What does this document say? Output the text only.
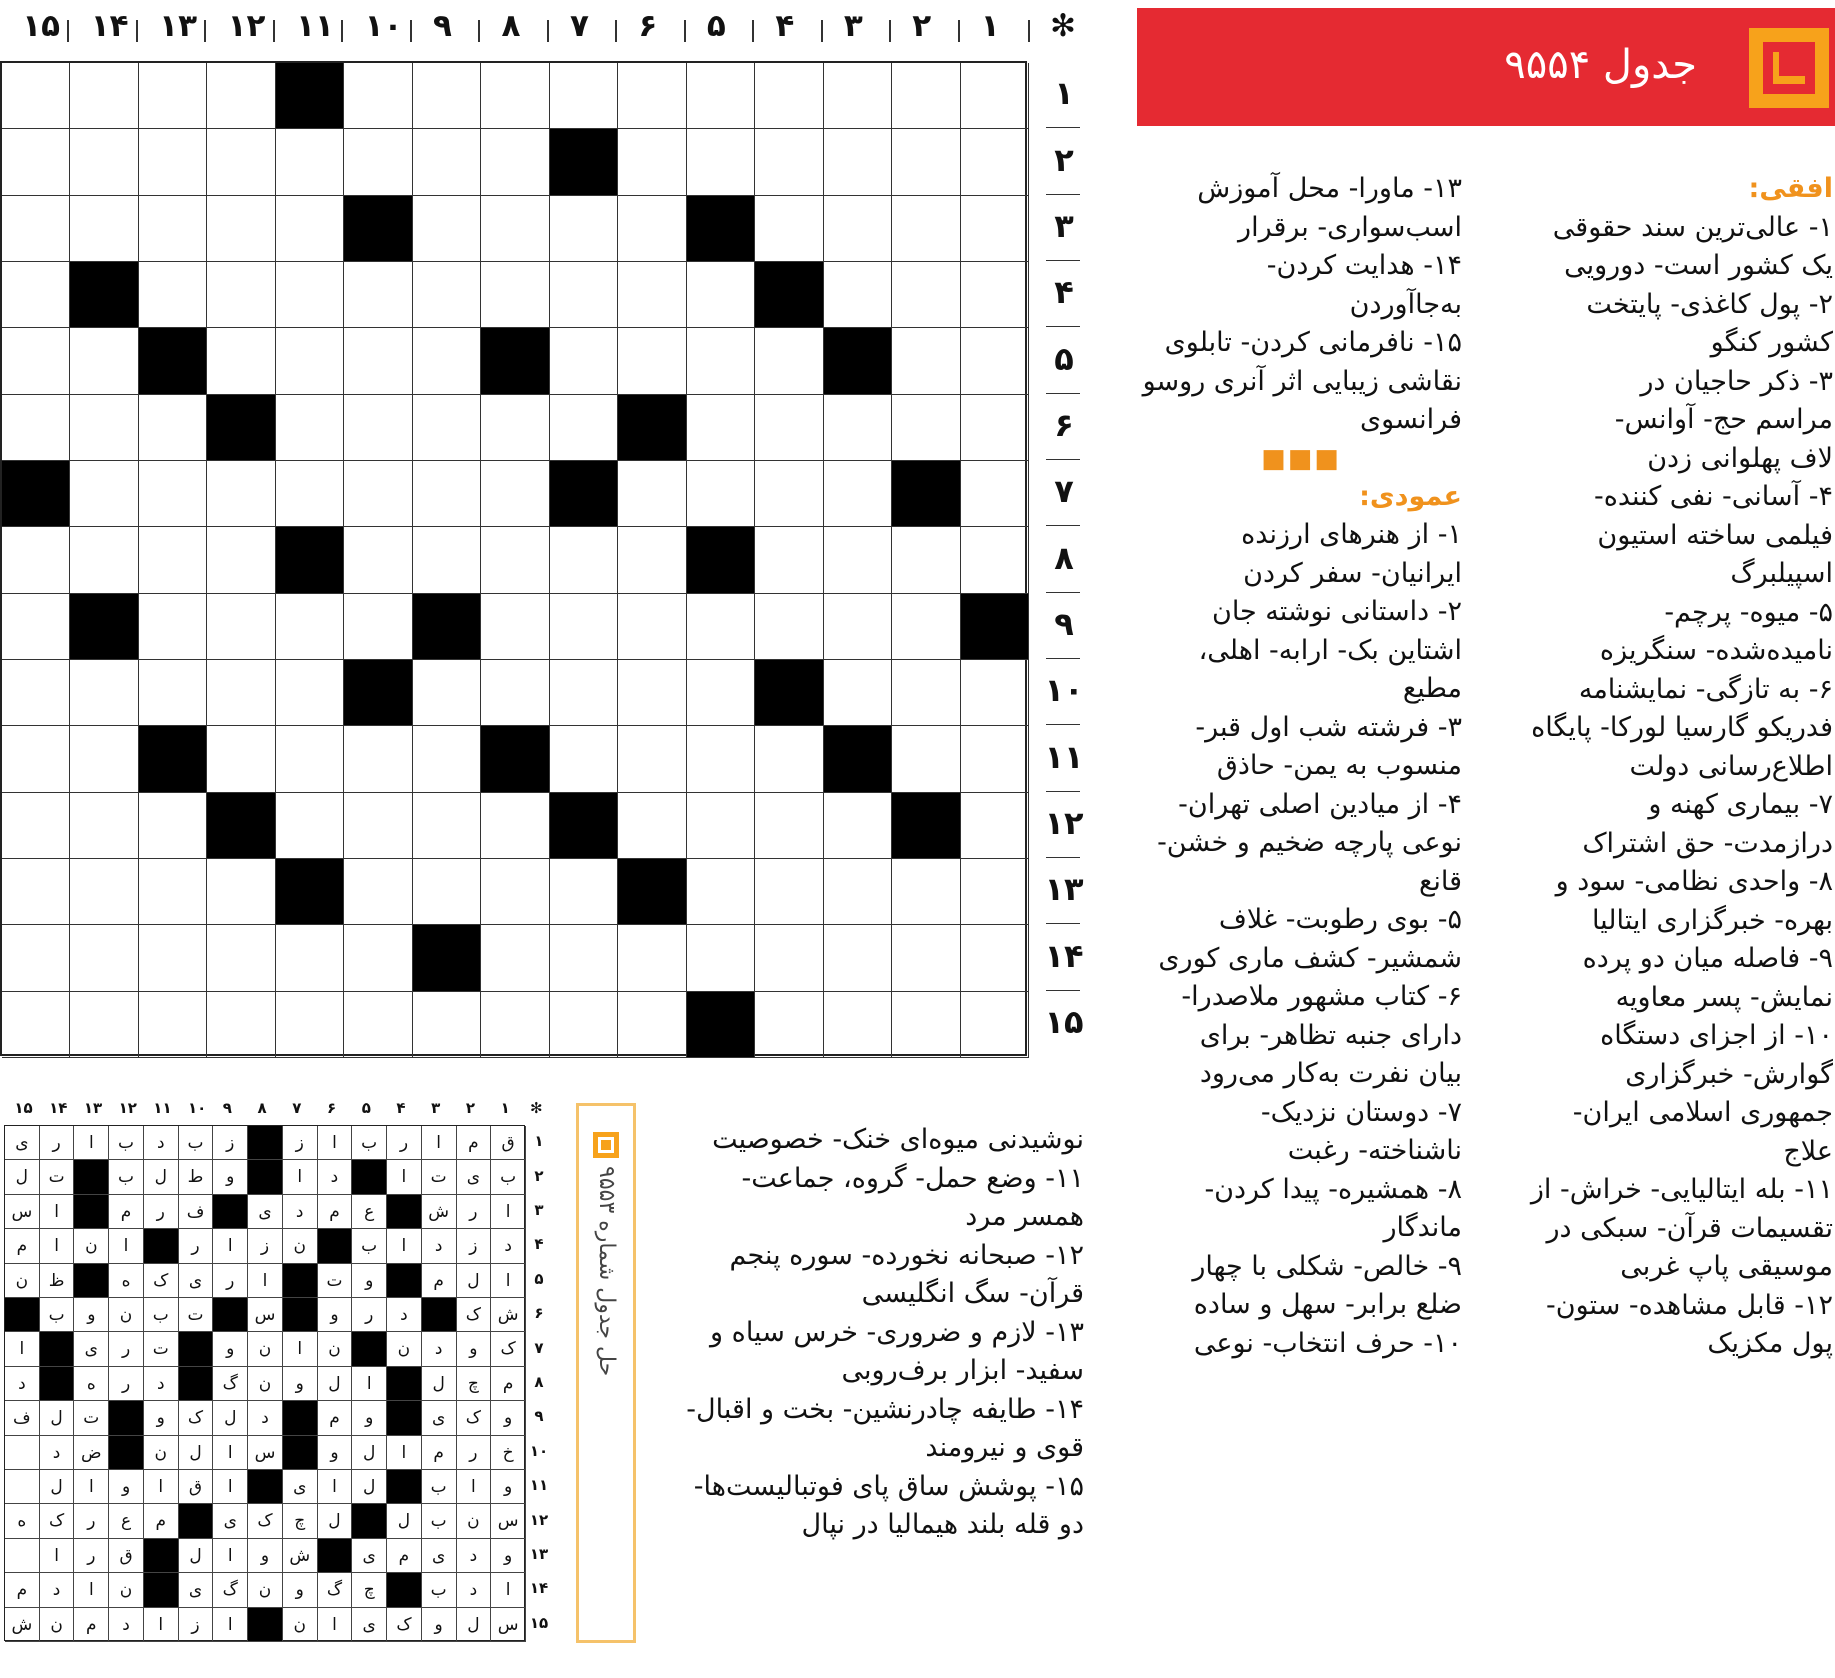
✻
۱
۲
۳
۴
۵
۶
۷
۸
۹
۱۰
۱۱
۱۲
۱۳
۱۴
۱۵
۱
۲
۳
۴
۵
۶
۷
۸
۹
۱۰
۱۱
۱۲
۱۳
۱۴
۱۵
جدول ۹۵۵۴

افقی:

۱- عالی‌ترین سند حقوقی

یک کشور است- دورویی

۲- پول کاغذی- پایتخت

کشور کنگو

۳- ذکر حاجیان در

مراسم حج- آوانس-

لاف پهلوانی زدن

۴- آسانی- نفی کننده-

فیلمی ساخته استیون

اسپیلبرگ

۵- میوه- پرچم-

نامیده‌شده- سنگریزه

۶- به تازگی- نمایشنامه

فدریکو گارسیا لورکا- پایگاه

اطلاع‌رسانی دولت

۷- بیماری کهنه و

درازمدت- حق اشتراک

۸- واحدی نظامی- سود و

بهره- خبرگزاری ایتالیا

۹- فاصله میان دو پرده

نمایش- پسر معاویه

۱۰- از اجزای دستگاه

گوارش- خبرگزاری

جمهوری اسلامی ایران-

علاج

۱۱- بله ایتالیایی- خراش- از

تقسیمات قرآن- سبکی در

موسیقی پاپ غربی

۱۲- قابل مشاهده- ستون-

پول مکزیک

۱۳- ماورا- محل آموزش

اسب‌سواری- برقرار

۱۴- هدایت کردن-

به‌جاآوردن

۱۵- نافرمانی کردن- تابلوی

نقاشی زیبایی اثر آنری روسو

فرانسوی

■■■

عمودی:

۱- از هنرهای ارزنده

ایرانیان- سفر کردن

۲- داستانی نوشته جان

اشتاین بک- ارابه- اهلی،

مطیع

۳- فرشته شب اول قبر-

منسوب به یمن- حاذق

۴- از میادین اصلی تهران-

نوعی پارچه ضخیم و خشن-

قانع

۵- بوی رطوبت- غلاف

شمشیر- کشف ماری کوری

۶- کتاب مشهور ملاصدرا-

دارای جنبه تظاهر- برای

بیان نفرت به‌کار می‌رود

۷- دوستان نزدیک-

ناشناخته- رغبت

۸- همشیره- پیدا کردن-

ماندگار

۹- خالص- شکلی با چهار

ضلع برابر- سهل و ساده

۱۰- حرف انتخاب- نوعی

نوشیدنی میوه‌ای خنک- خصوصیت

۱۱- وضع حمل- گروه، جماعت-

همسر مرد

۱۲- صبحانه نخورده- سوره پنجم

قرآن- سگ انگلیسی

۱۳- لازم و ضروری- خرس سیاه و

سفید- ابزار برف‌روبی

۱۴- طایفه چادرنشین- بخت و اقبال-

قوی و نیرومند

۱۵- پوشش ساق پای فوتبالیست‌ها-

دو قله بلند هیمالیا در نپال

حل جدول شماره ۹۵۵۳
✻
۱
۲
۳
۴
۵
۶
۷
۸
۹
۱۰
۱۱
۱۲
۱۳
۱۴
۱۵
ق
م
ا
ر
ب
ا
ز
ز
ب
د
ب
ا
ر
ی
ب
ی
ت
ا
د
ا
و
ط
ل
ب
ت
ل
ا
ر
ش
ع
م
د
ی
ف
ر
م
ا
س
د
ز
د
ا
ب
ن
ز
ا
ر
ا
ن
ا
م
ا
ل
م
و
ت
ا
ر
ی
ک
ه
ظ
ن
ش
ک
د
ر
و
س
ت
ب
ن
و
ب
ک
و
د
ن
ن
ا
ن
و
ت
ر
ی
ا
م
چ
ل
ا
ل
و
ن
گ
د
ر
ه
د
و
ک
ی
و
م
د
ل
ک
و
ت
ل
ف
خ
ر
م
ا
ل
و
س
ا
ل
ن
ض
د
و
ا
ب
ل
ا
ی
ا
ق
ا
و
ا
ل
س
ن
ب
ل
ل
چ
ک
ی
م
ع
ر
ک
ه
و
د
ی
م
ی
ش
و
ا
ل
ق
ر
ا
ا
د
ب
چ
گ
و
ن
گ
ی
ن
ا
د
م
س
ل
و
ک
ی
ا
ن
ا
ز
ا
د
م
ن
ش
۱
۲
۳
۴
۵
۶
۷
۸
۹
۱۰
۱۱
۱۲
۱۳
۱۴
۱۵
